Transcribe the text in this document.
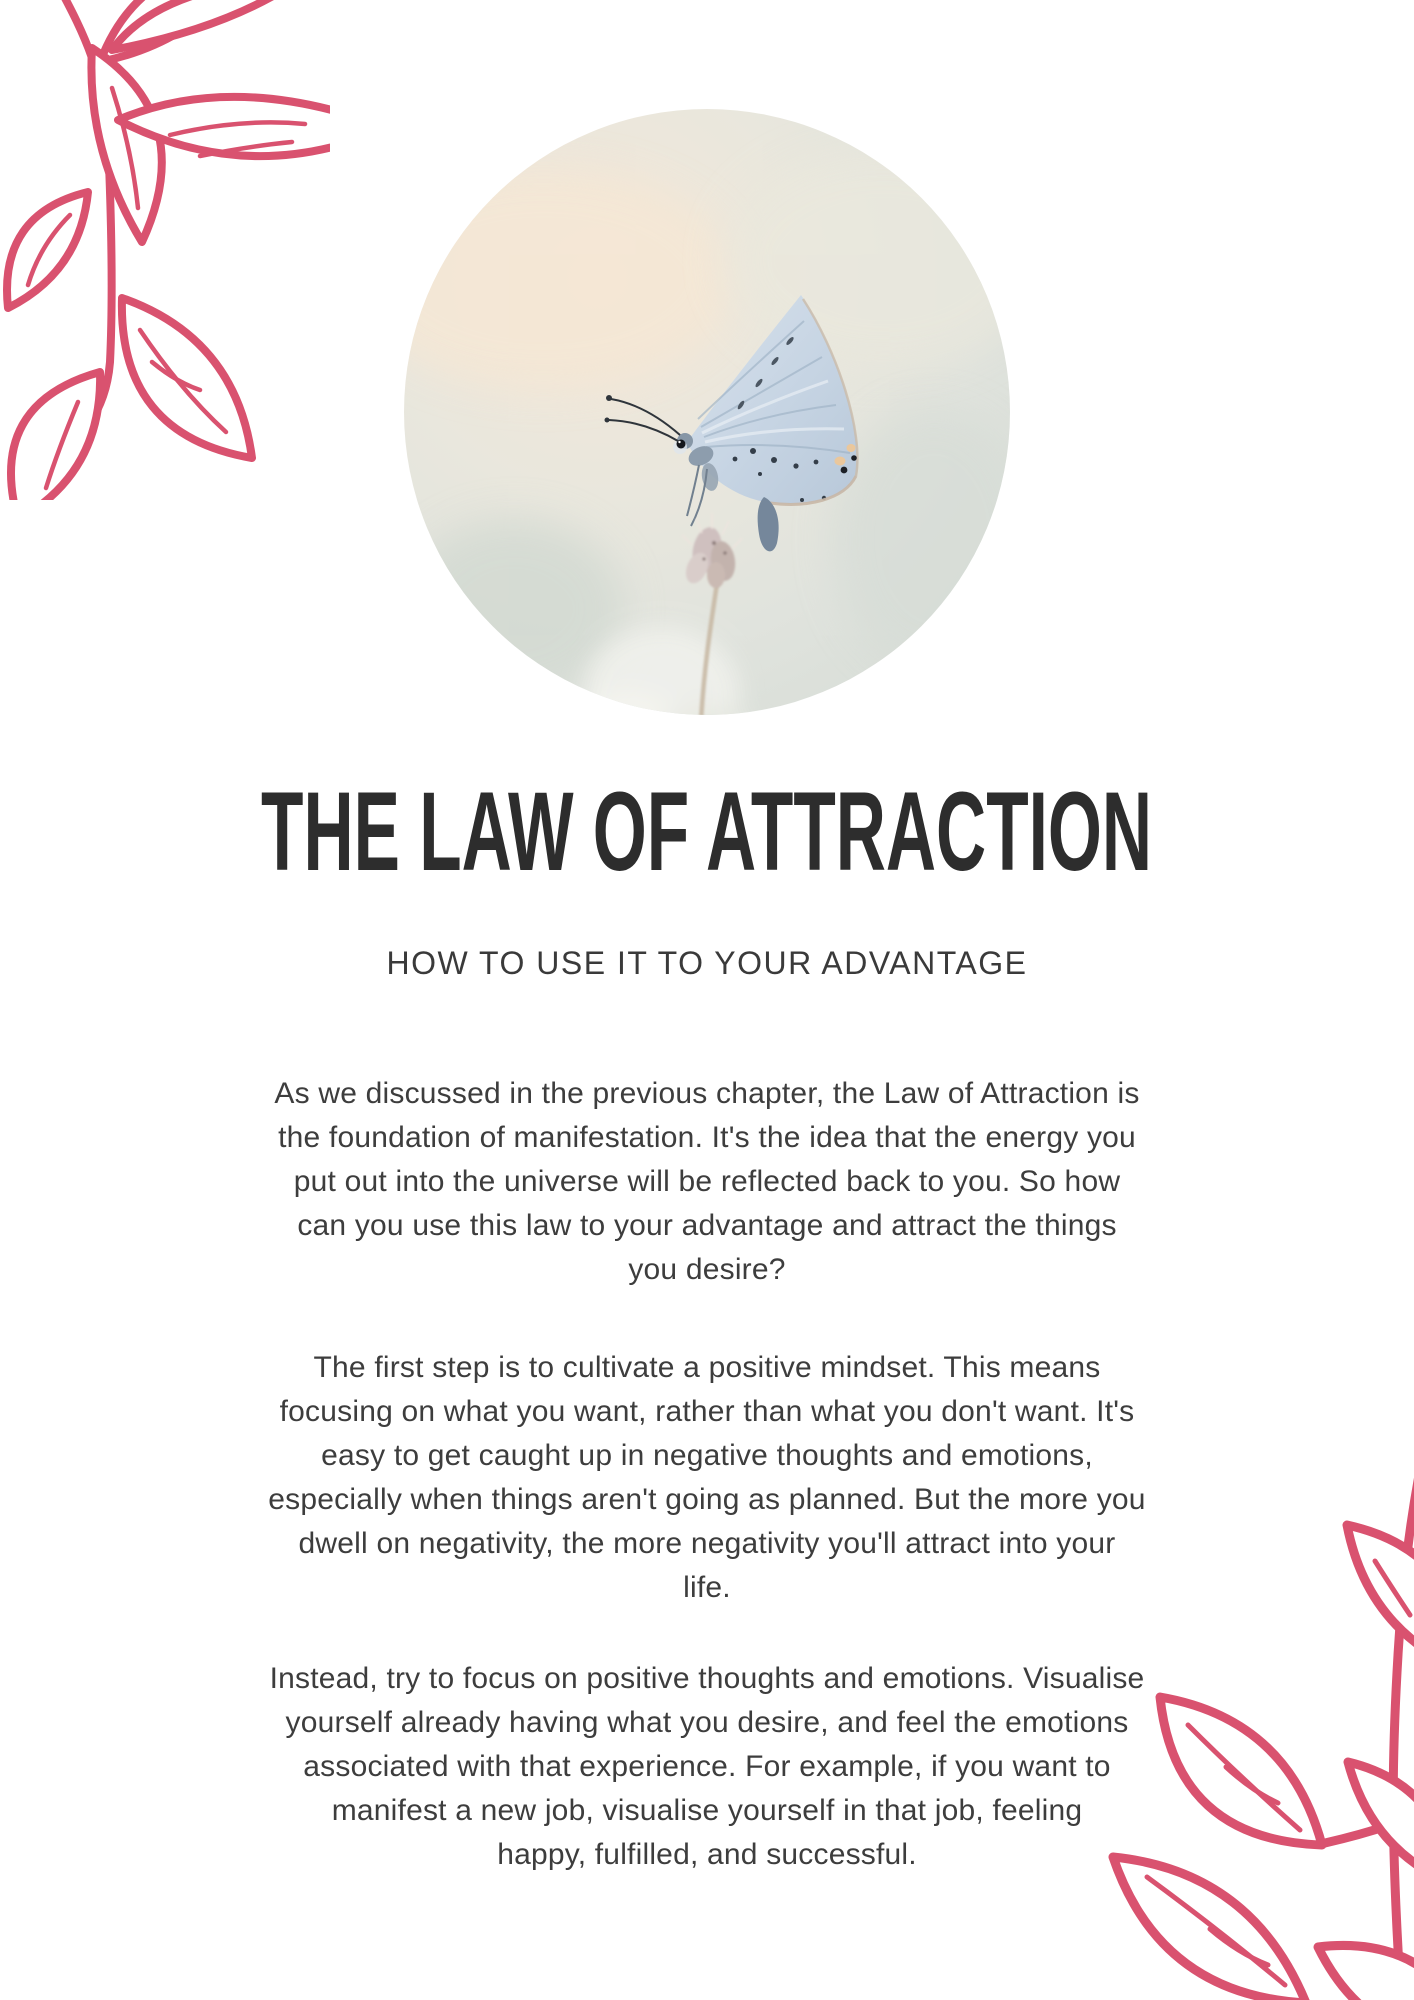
THE LAW OF ATTRACTION
HOW TO USE IT TO YOUR ADVANTAGE
As we discussed in the previous chapter, the Law of Attraction is
the foundation of manifestation. It's the idea that the energy you
put out into the universe will be reflected back to you. So how
can you use this law to your advantage and attract the things
you desire?
The first step is to cultivate a positive mindset. This means
focusing on what you want, rather than what you don't want. It's
easy to get caught up in negative thoughts and emotions,
especially when things aren't going as planned. But the more you
dwell on negativity, the more negativity you'll attract into your
life.
Instead, try to focus on positive thoughts and emotions. Visualise
yourself already having what you desire, and feel the emotions
associated with that experience. For example, if you want to
manifest a new job, visualise yourself in that job, feeling
happy, fulfilled, and successful.
